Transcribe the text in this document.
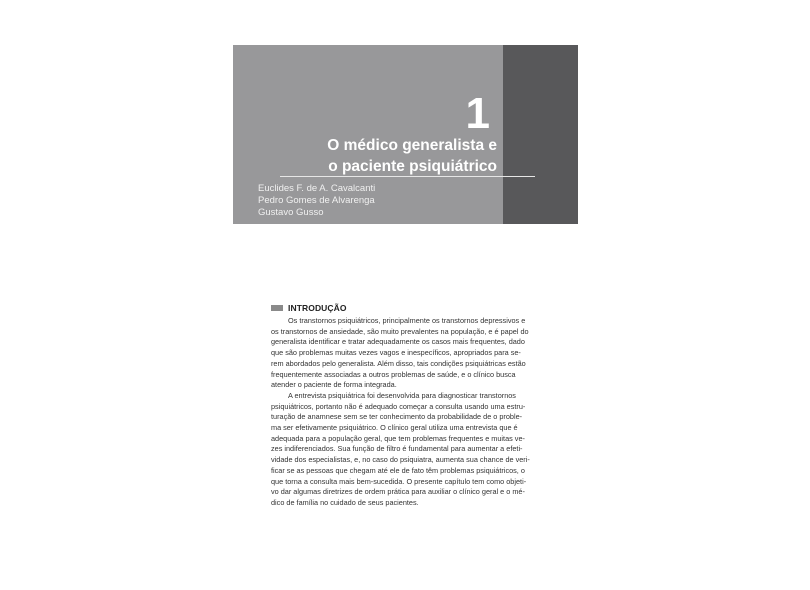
1
O médico generalista e
o paciente psiquiátrico
Euclides F. de A. Cavalcanti
Pedro Gomes de Alvarenga
Gustavo Gusso
INTRODUÇÃO
Os transtornos psiquiátricos, principalmente os transtornos depressivos e
os transtornos de ansiedade, são muito prevalentes na população, e é papel do
generalista identificar e tratar adequadamente os casos mais frequentes, dado
que são problemas muitas vezes vagos e inespecíficos, apropriados para se-
rem abordados pelo generalista. Além disso, tais condições psiquiátricas estão
frequentemente associadas a outros problemas de saúde, e o clínico busca
atender o paciente de forma integrada.
A entrevista psiquiátrica foi desenvolvida para diagnosticar transtornos
psiquiátricos, portanto não é adequado começar a consulta usando uma estru-
turação de anamnese sem se ter conhecimento da probabilidade de o proble-
ma ser efetivamente psiquiátrico. O clínico geral utiliza uma entrevista que é
adequada para a população geral, que tem problemas frequentes e muitas ve-
zes indiferenciados. Sua função de filtro é fundamental para aumentar a efeti-
vidade dos especialistas, e, no caso do psiquiatra, aumenta sua chance de veri-
ficar se as pessoas que chegam até ele de fato têm problemas psiquiátricos, o
que torna a consulta mais bem-sucedida. O presente capítulo tem como objeti-
vo dar algumas diretrizes de ordem prática para auxiliar o clínico geral e o mé-
dico de família no cuidado de seus pacientes.
